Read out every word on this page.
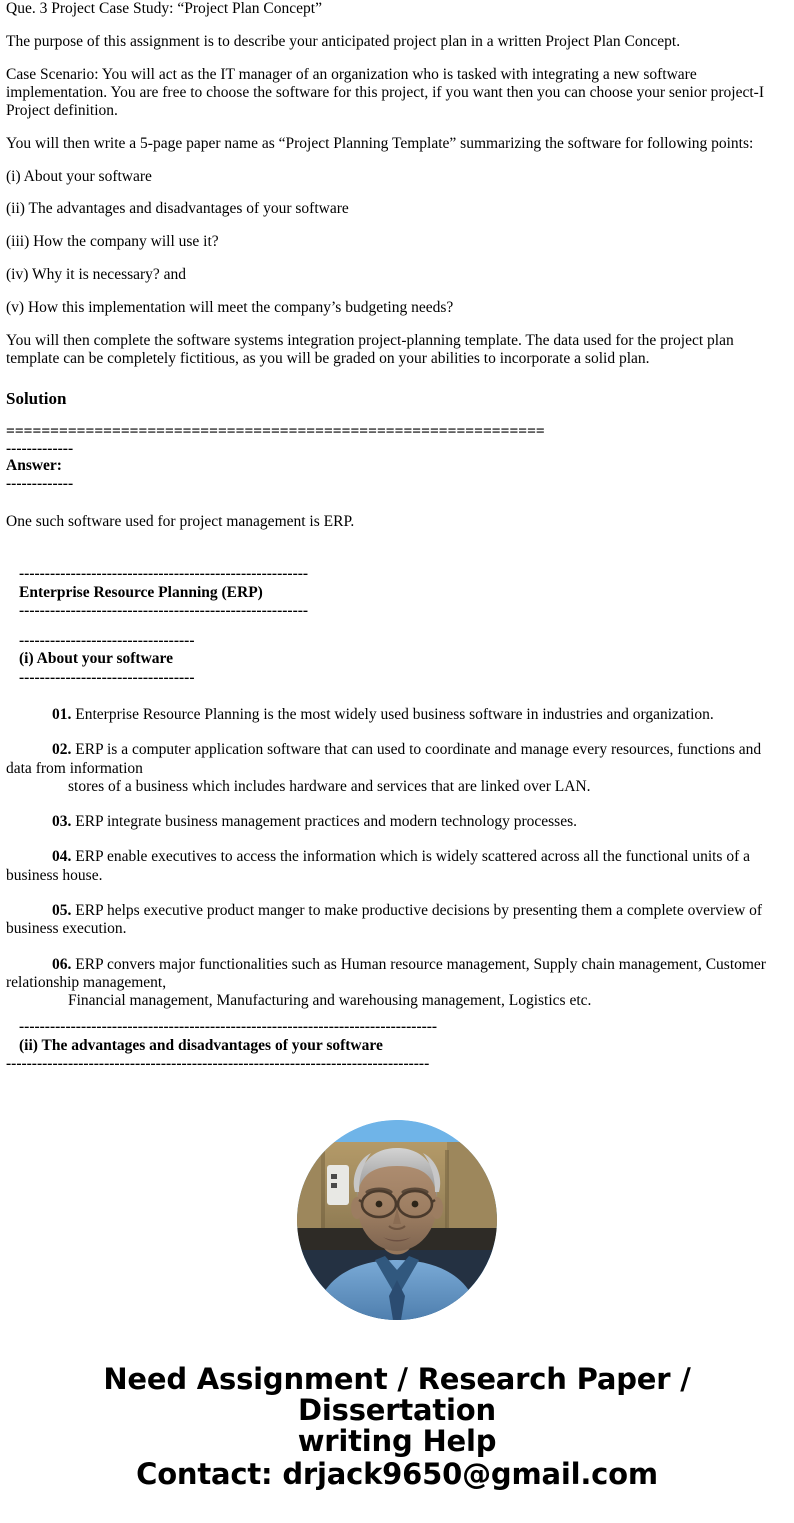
Que. 3 Project Case Study: “Project Plan Concept”
The purpose of this assignment is to describe your anticipated project plan in a written Project Plan Concept.
Case Scenario: You will act as the IT manager of an organization who is tasked with integrating a new software implementation. You are free to choose the software for this project, if you want then you can choose your senior project-I Project definition.
You will then write a 5-page paper name as “Project Planning Template” summarizing the software for following points:
(i) About your software
(ii) The advantages and disadvantages of your software
(iii) How the company will use it?
(iv) Why it is necessary? and
(v) How this implementation will meet the company’s budgeting needs?
You will then complete the software systems integration project-planning template. The data used for the project plan template can be completely fictitious, as you will be graded on your abilities to incorporate a solid plan.
Solution
=============================================================
-------------
Answer:
-------------
One such software used for project management is ERP.
--------------------------------------------------------
Enterprise Resource Planning (ERP)
--------------------------------------------------------
----------------------------------
(i) About your software
----------------------------------
01. Enterprise Resource Planning is the most widely used business software in industries and organization.
02. ERP is a computer application software that can used to coordinate and manage every resources, functions and data from information
stores of a business which includes hardware and services that are linked over LAN.
03. ERP integrate business management practices and modern technology processes.
04. ERP enable executives to access the information which is widely scattered across all the functional units of a business house.
05. ERP helps executive product manger to make productive decisions by presenting them a complete overview of business execution.
06. ERP convers major functionalities such as Human resource management, Supply chain management, Customer relationship management,
Financial management, Manufacturing and warehousing management, Logistics etc.
---------------------------------------------------------------------------------
(ii) The advantages and disadvantages of your software
----------------------------------------------------------------------------------
Need Assignment / Research Paper / Dissertation
writing Help
Contact: drjack9650@gmail.com
